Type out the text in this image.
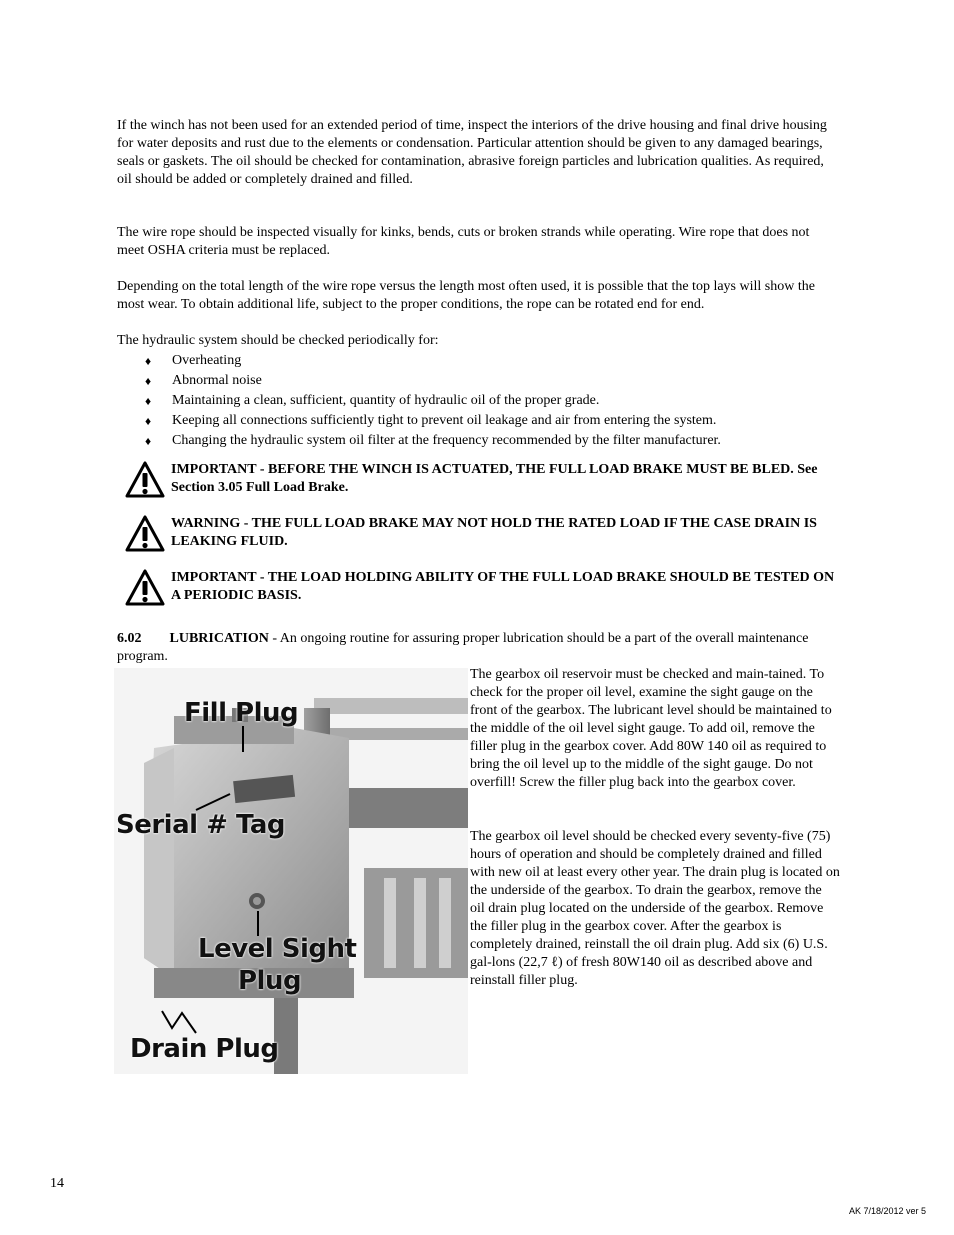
If the winch has not been used for an extended period of time, inspect the interiors of the drive housing and final drive housing for water deposits and rust due to the elements or condensation. Particular attention should be given to any damaged bearings, seals or gaskets. The oil should be checked for contamination, abrasive foreign particles and lubrication qualities. As required, oil should be added or completely drained and filled.

The wire rope should be inspected visually for kinks, bends, cuts or broken strands while operating. Wire rope that does not meet OSHA criteria must be replaced.

Depending on the total length of the wire rope versus the length most often used, it is possible that the top lays will show the most wear. To obtain additional life, subject to the proper conditions, the rope can be rotated end for end.

The hydraulic system should be checked periodically for:

♦ Overheating
♦ Abnormal noise
♦ Maintaining a clean, sufficient, quantity of hydraulic oil of the proper grade.
♦ Keeping all connections sufficiently tight to prevent oil leakage and air from entering the system.
♦ Changing the hydraulic system oil filter at the frequency recommended by the filter manufacturer.
IMPORTANT - BEFORE THE WINCH IS ACTUATED, THE FULL LOAD BRAKE MUST BE BLED. See Section 3.05 Full Load Brake.
WARNING - THE FULL LOAD BRAKE MAY NOT HOLD THE RATED LOAD IF THE CASE DRAIN IS LEAKING FLUID.
IMPORTANT - THE LOAD HOLDING ABILITY OF THE FULL LOAD BRAKE SHOULD BE TESTED ON A PERIODIC BASIS.
6.02 LUBRICATION - An ongoing routine for assuring proper lubrication should be a part of the overall maintenance program.
Fill Plug
Serial # Tag
Level Sight
Plug
Drain Plug

The gearbox oil reservoir must be checked and main-tained. To check for the proper oil level, examine the sight gauge on the front of the gearbox. The lubricant level should be maintained to the middle of the oil level sight gauge. To add oil, remove the filler plug in the gearbox cover. Add 80W 140 oil as required to bring the oil level up to the middle of the sight gauge. Do not overfill! Screw the filler plug back into the gearbox cover.

The gearbox oil level should be checked every seventy-five (75) hours of operation and should be completely drained and filled with new oil at least every other year. The drain plug is located on the underside of the gearbox. To drain the gearbox, remove the oil drain plug located on the underside of the gearbox. Remove the filler plug in the gearbox cover. After the gearbox is completely drained, reinstall the oil drain plug. Add six (6) U.S. gal-lons (22,7 ℓ) of fresh 80W140 oil as described above and reinstall filler plug.

14
AK 7/18/2012 ver 5
